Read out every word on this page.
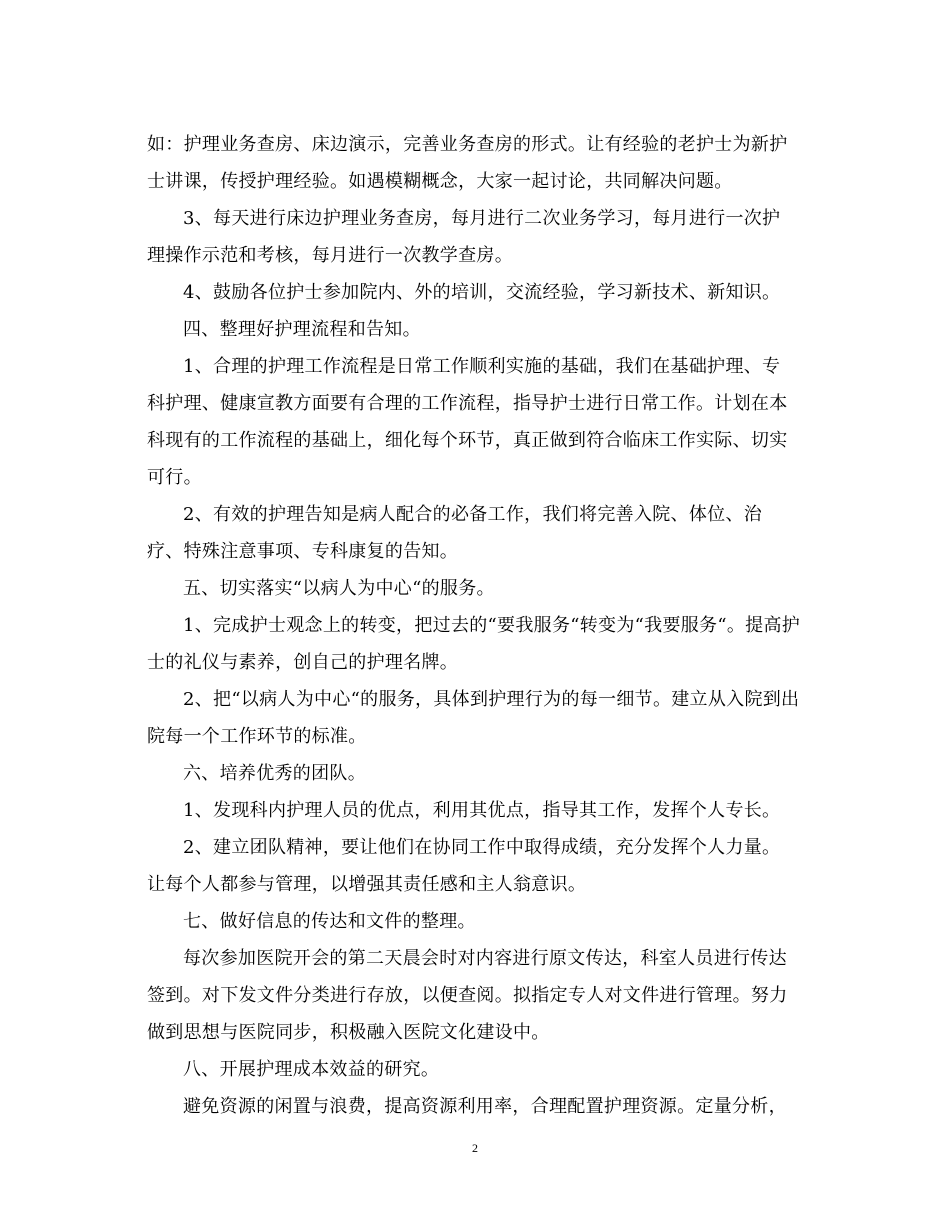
如：护理业务查房、床边演示，完善业务查房的形式。让有经验的老护士为新护
士讲课，传授护理经验。如遇模糊概念，大家一起讨论，共同解决问题。

3、每天进行床边护理业务查房，每月进行二次业务学习，每月进行一次护
理操作示范和考核，每月进行一次教学查房。

4、鼓励各位护士参加院内、外的培训，交流经验，学习新技术、新知识。

四、整理好护理流程和告知。

1、合理的护理工作流程是日常工作顺利实施的基础，我们在基础护理、专
科护理、健康宣教方面要有合理的工作流程，指导护士进行日常工作。计划在本
科现有的工作流程的基础上，细化每个环节，真正做到符合临床工作实际、切实
可行。

2、有效的护理告知是病人配合的必备工作，我们将完善入院、体位、治
疗、特殊注意事项、专科康复的告知。

五、切实落实“以病人为中心“的服务。

1、完成护士观念上的转变，把过去的“要我服务“转变为“我要服务“。提高护
士的礼仪与素养，创自己的护理名牌。

2、把“以病人为中心“的服务，具体到护理行为的每一细节。建立从入院到出
院每一个工作环节的标准。

六、培养优秀的团队。

1、发现科内护理人员的优点，利用其优点，指导其工作，发挥个人专长。

2、建立团队精神，要让他们在协同工作中取得成绩，充分发挥个人力量。
让每个人都参与管理，以增强其责任感和主人翁意识。

七、做好信息的传达和文件的整理。

每次参加医院开会的第二天晨会时对内容进行原文传达，科室人员进行传达
签到。对下发文件分类进行存放，以便查阅。拟指定专人对文件进行管理。努力
做到思想与医院同步，积极融入医院文化建设中。

八、开展护理成本效益的研究。

避免资源的闲置与浪费，提高资源利用率，合理配置护理资源。定量分析，

2
